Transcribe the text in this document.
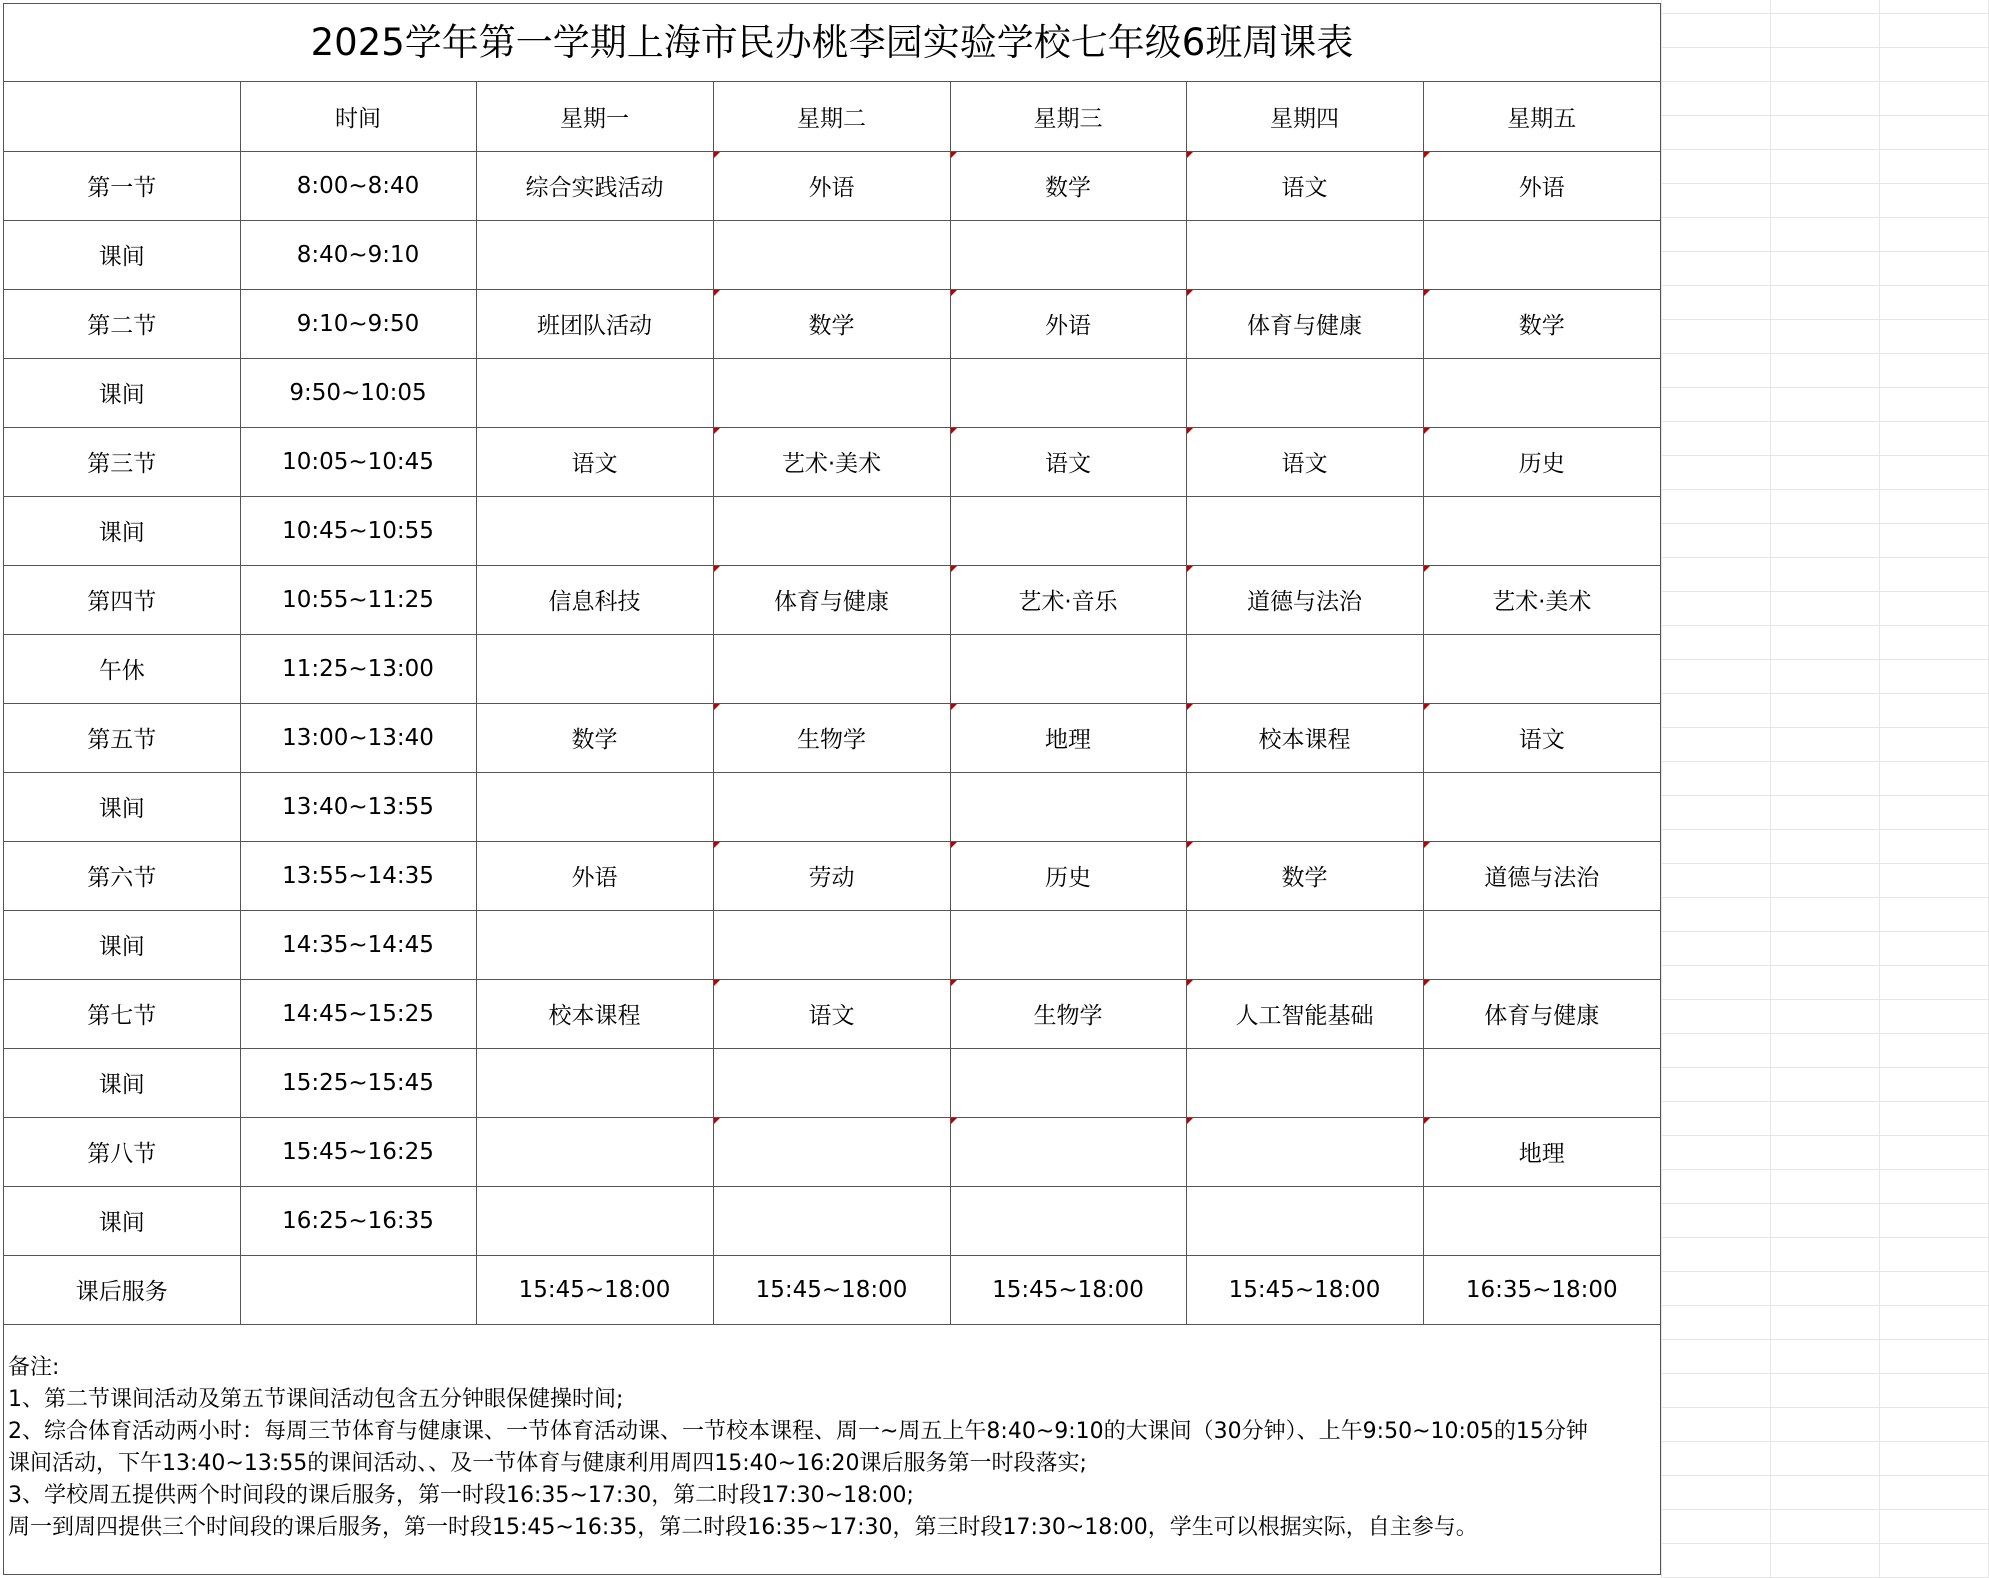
2025学年第一学期上海市民办桃李园实验学校七年级6班周课表
	时间	星期一	星期二	星期三	星期四	星期五
第一节	8:00~8:40	综合实践活动	外语	数学	语文	外语
课间	8:40~9:10					
第二节	9:10~9:50	班团队活动	数学	外语	体育与健康	数学
课间	9:50~10:05					
第三节	10:05~10:45	语文	艺术·美术	语文	语文	历史
课间	10:45~10:55					
第四节	10:55~11:25	信息科技	体育与健康	艺术·音乐	道德与法治	艺术·美术
午休	11:25~13:00					
第五节	13:00~13:40	数学	生物学	地理	校本课程	语文
课间	13:40~13:55					
第六节	13:55~14:35	外语	劳动	历史	数学	道德与法治
课间	14:35~14:45					
第七节	14:45~15:25	校本课程	语文	生物学	人工智能基础	体育与健康
课间	15:25~15:45					
第八节	15:45~16:25					地理
课间	16:25~16:35					
课后服务		15:45~18:00	15:45~18:00	15:45~18:00	15:45~18:00	16:35~18:00
备注:
1、第二节课间活动及第五节课间活动包含五分钟眼保健操时间;
2、综合体育活动两小时：每周三节体育与健康课、一节体育活动课、一节校本课程、周一~周五上午8:40~9:10的大课间（30分钟）、上午9:50~10:05的15分钟
课间活动，下午13:40~13:55的课间活动、、及一节体育与健康利用周四15:40~16:20课后服务第一时段落实;
3、学校周五提供两个时间段的课后服务，第一时段16:35~17:30，第二时段17:30~18:00;
周一到周四提供三个时间段的课后服务，第一时段15:45~16:35，第二时段16:35~17:30，第三时段17:30~18:00，学生可以根据实际，自主参与。
